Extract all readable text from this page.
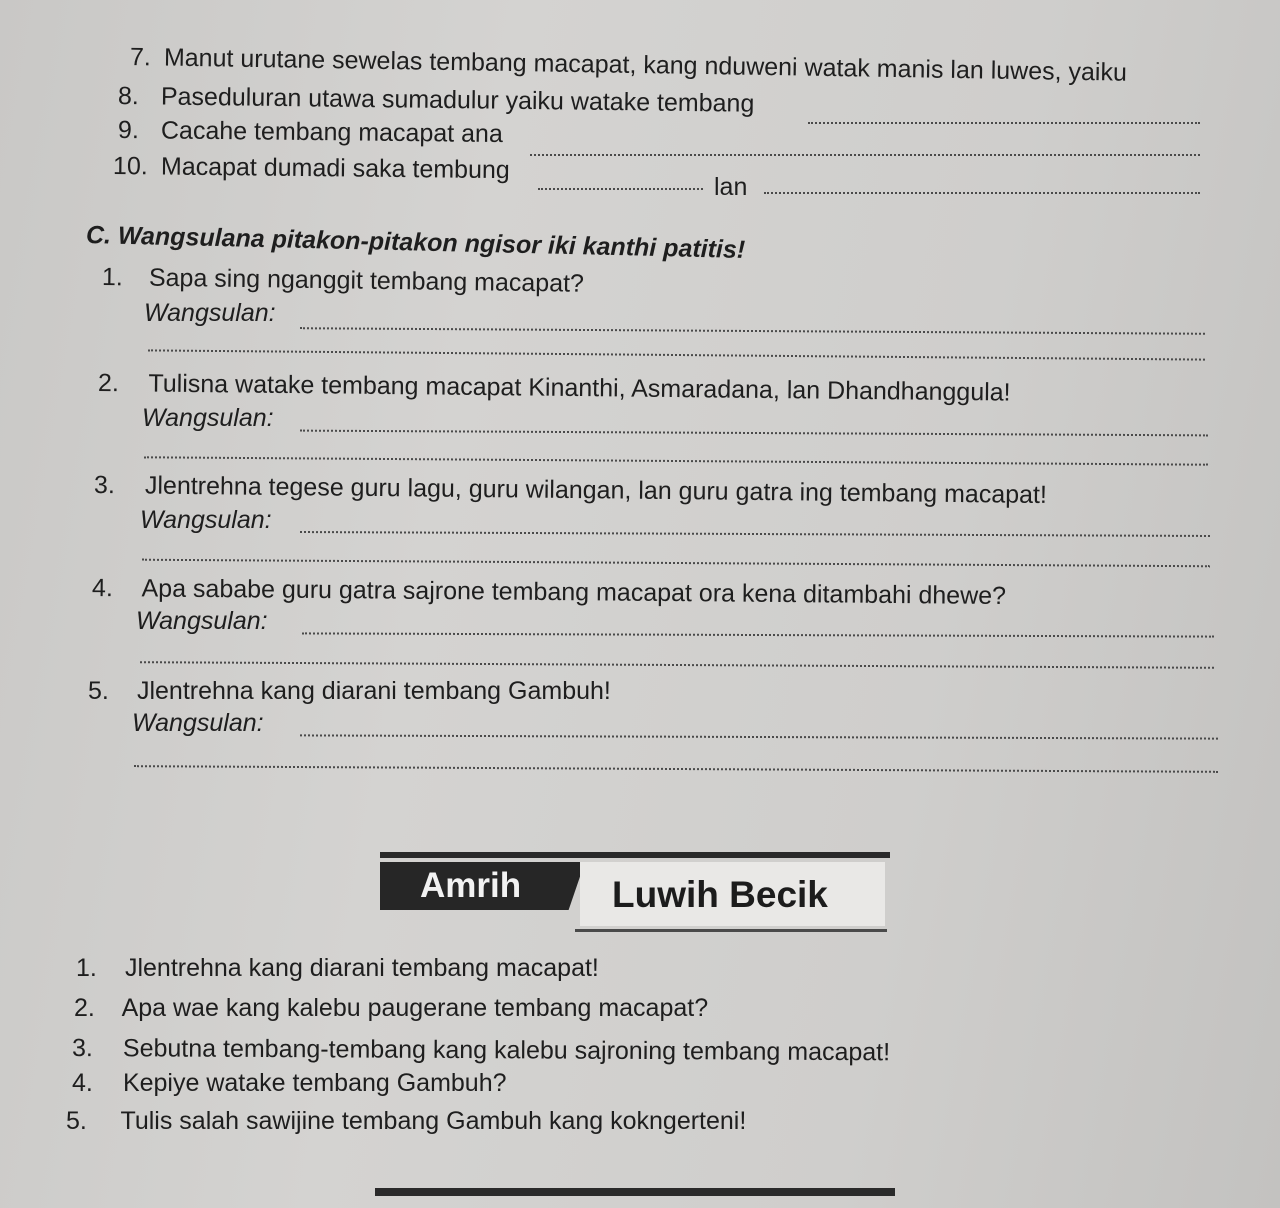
7. Manut urutane sewelas tembang macapat, kang nduweni watak manis lan luwes, yaiku
8. Paseduluran utawa sumadulur yaiku watake tembang
9. Cacahe tembang macapat ana
10. Macapat dumadi saka tembung
lan
C. Wangsulana pitakon-pitakon ngisor iki kanthi patitis!
1. Sapa sing nganggit tembang macapat?
Wangsulan:
2. Tulisna watake tembang macapat Kinanthi, Asmaradana, lan Dhandhanggula!
Wangsulan:
3. Jlentrehna tegese guru lagu, guru wilangan, lan guru gatra ing tembang macapat!
Wangsulan:
4. Apa sababe guru gatra sajrone tembang macapat ora kena ditambahi dhewe?
Wangsulan:
5. Jlentrehna kang diarani tembang Gambuh!
Wangsulan:
Amrih Luwih Becik
1. Jlentrehna kang diarani tembang macapat!
2. Apa wae kang kalebu paugerane tembang macapat?
3. Sebutna tembang-tembang kang kalebu sajroning tembang macapat!
4. Kepiye watake tembang Gambuh?
5. Tulis salah sawijine tembang Gambuh kang kokngerteni!
